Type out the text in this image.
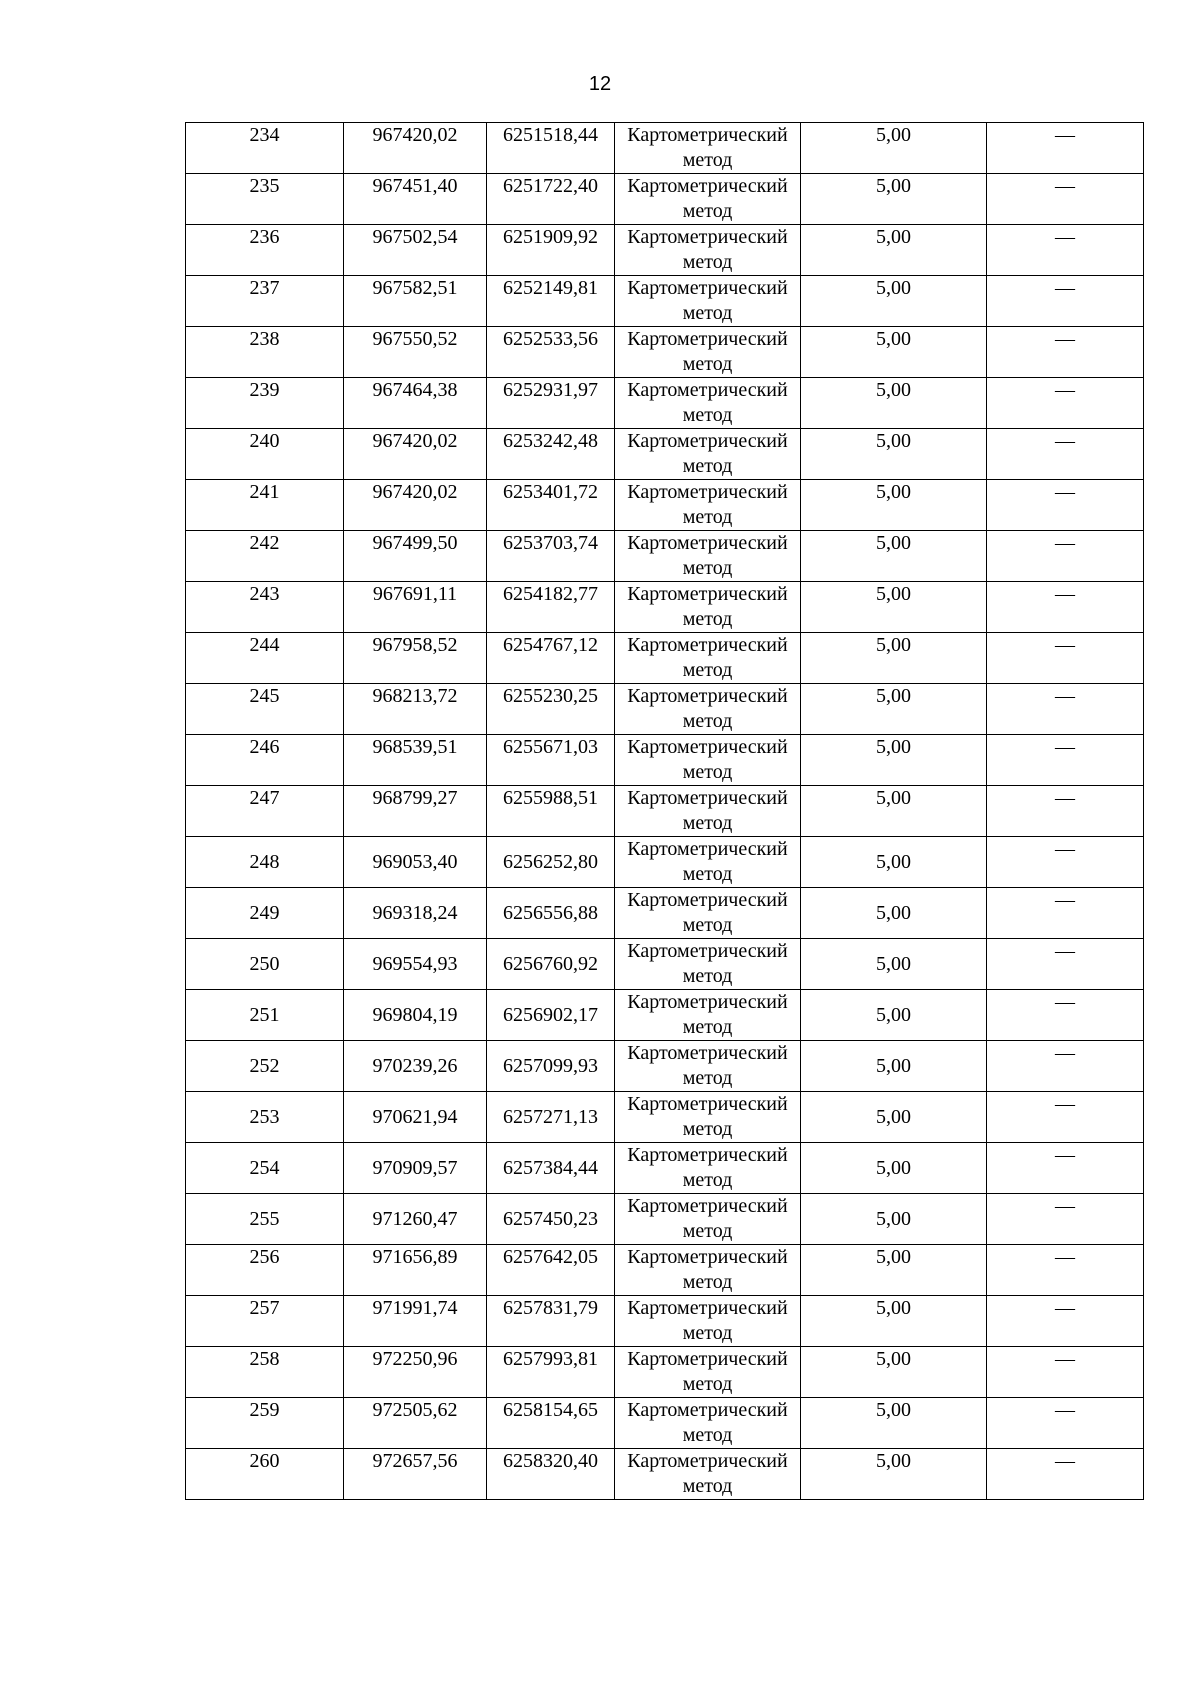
12
234	967420,02	6251518,44	Картометрический метод	5,00	—
235	967451,40	6251722,40	Картометрический метод	5,00	—
236	967502,54	6251909,92	Картометрический метод	5,00	—
237	967582,51	6252149,81	Картометрический метод	5,00	—
238	967550,52	6252533,56	Картометрический метод	5,00	—
239	967464,38	6252931,97	Картометрический метод	5,00	—
240	967420,02	6253242,48	Картометрический метод	5,00	—
241	967420,02	6253401,72	Картометрический метод	5,00	—
242	967499,50	6253703,74	Картометрический метод	5,00	—
243	967691,11	6254182,77	Картометрический метод	5,00	—
244	967958,52	6254767,12	Картометрический метод	5,00	—
245	968213,72	6255230,25	Картометрический метод	5,00	—
246	968539,51	6255671,03	Картометрический метод	5,00	—
247	968799,27	6255988,51	Картометрический метод	5,00	—
248	969053,40	6256252,80	Картометрический метод	5,00	—
249	969318,24	6256556,88	Картометрический метод	5,00	—
250	969554,93	6256760,92	Картометрический метод	5,00	—
251	969804,19	6256902,17	Картометрический метод	5,00	—
252	970239,26	6257099,93	Картометрический метод	5,00	—
253	970621,94	6257271,13	Картометрический метод	5,00	—
254	970909,57	6257384,44	Картометрический метод	5,00	—
255	971260,47	6257450,23	Картометрический метод	5,00	—
256	971656,89	6257642,05	Картометрический метод	5,00	—
257	971991,74	6257831,79	Картометрический метод	5,00	—
258	972250,96	6257993,81	Картометрический метод	5,00	—
259	972505,62	6258154,65	Картометрический метод	5,00	—
260	972657,56	6258320,40	Картометрический метод	5,00	—
